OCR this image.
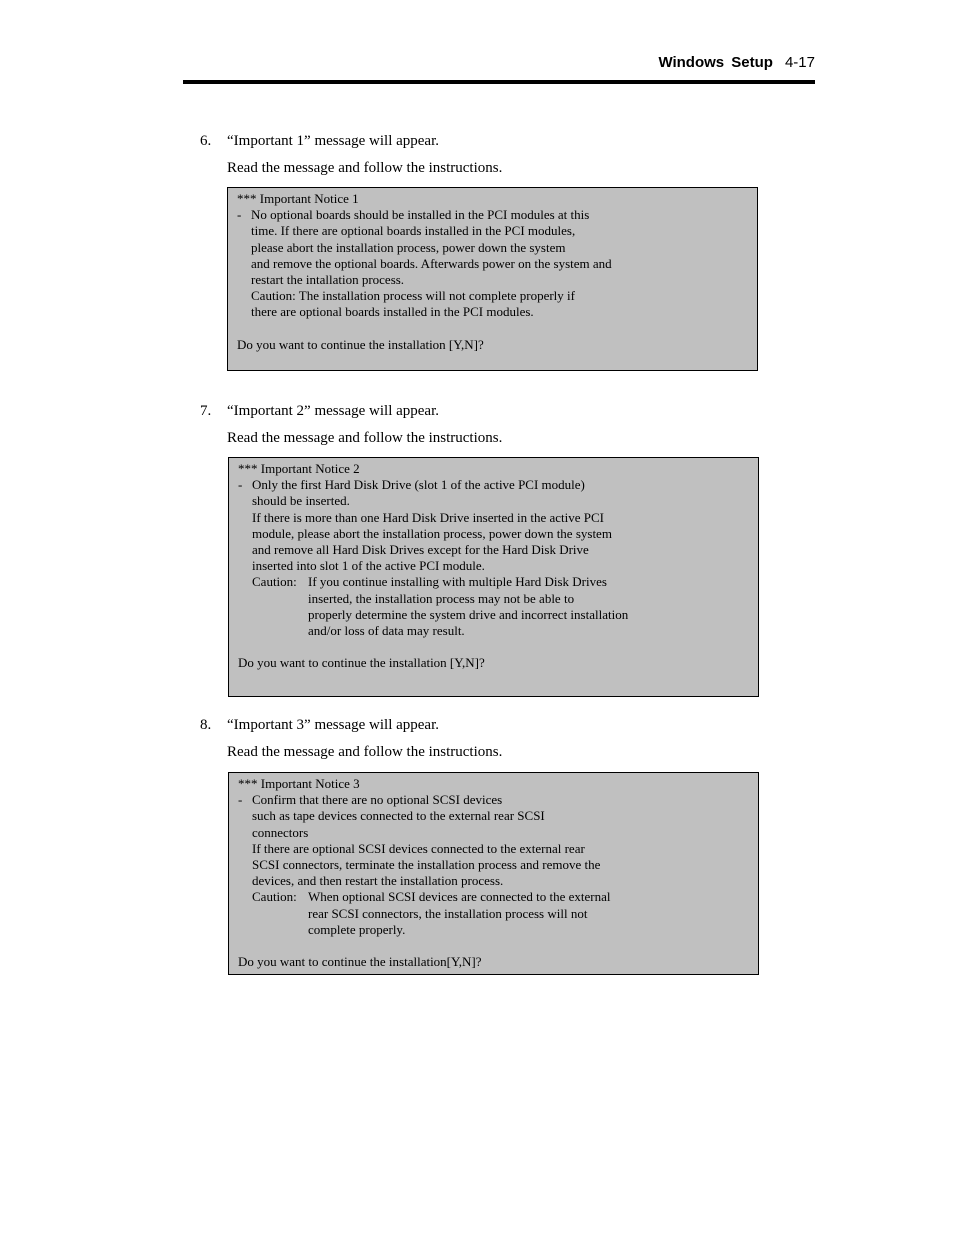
Windows Setup 4-17
6. “Important 1” message will appear.
Read the message and follow the instructions.
*** Important Notice 1
- No optional boards should be installed in the PCI modules at this
time. If there are optional boards installed in the PCI modules,
please abort the installation process, power down the system
and remove the optional boards. Afterwards power on the system and
restart the intallation process.
Caution: The installation process will not complete properly if
there are optional boards installed in the PCI modules.
Do you want to continue the installation [Y,N]?
7. “Important 2” message will appear.
Read the message and follow the instructions.
*** Important Notice 2
- Only the first Hard Disk Drive (slot 1 of the active PCI module)
should be inserted.
If there is more than one Hard Disk Drive inserted in the active PCI
module, please abort the installation process, power down the system
and remove all Hard Disk Drives except for the Hard Disk Drive
inserted into slot 1 of the active PCI module.
Caution: If you continue installing with multiple Hard Disk Drives
inserted, the installation process may not be able to
properly determine the system drive and incorrect installation
and/or loss of data may result.
Do you want to continue the installation [Y,N]?
8. “Important 3” message will appear.
Read the message and follow the instructions.
*** Important Notice 3
- Confirm that there are no optional SCSI devices
such as tape devices connected to the external rear SCSI
connectors
If there are optional SCSI devices connected to the external rear
SCSI connectors, terminate the installation process and remove the
devices, and then restart the installation process.
Caution: When optional SCSI devices are connected to the external
rear SCSI connectors, the installation process will not
complete properly.
Do you want to continue the installation[Y,N]?
